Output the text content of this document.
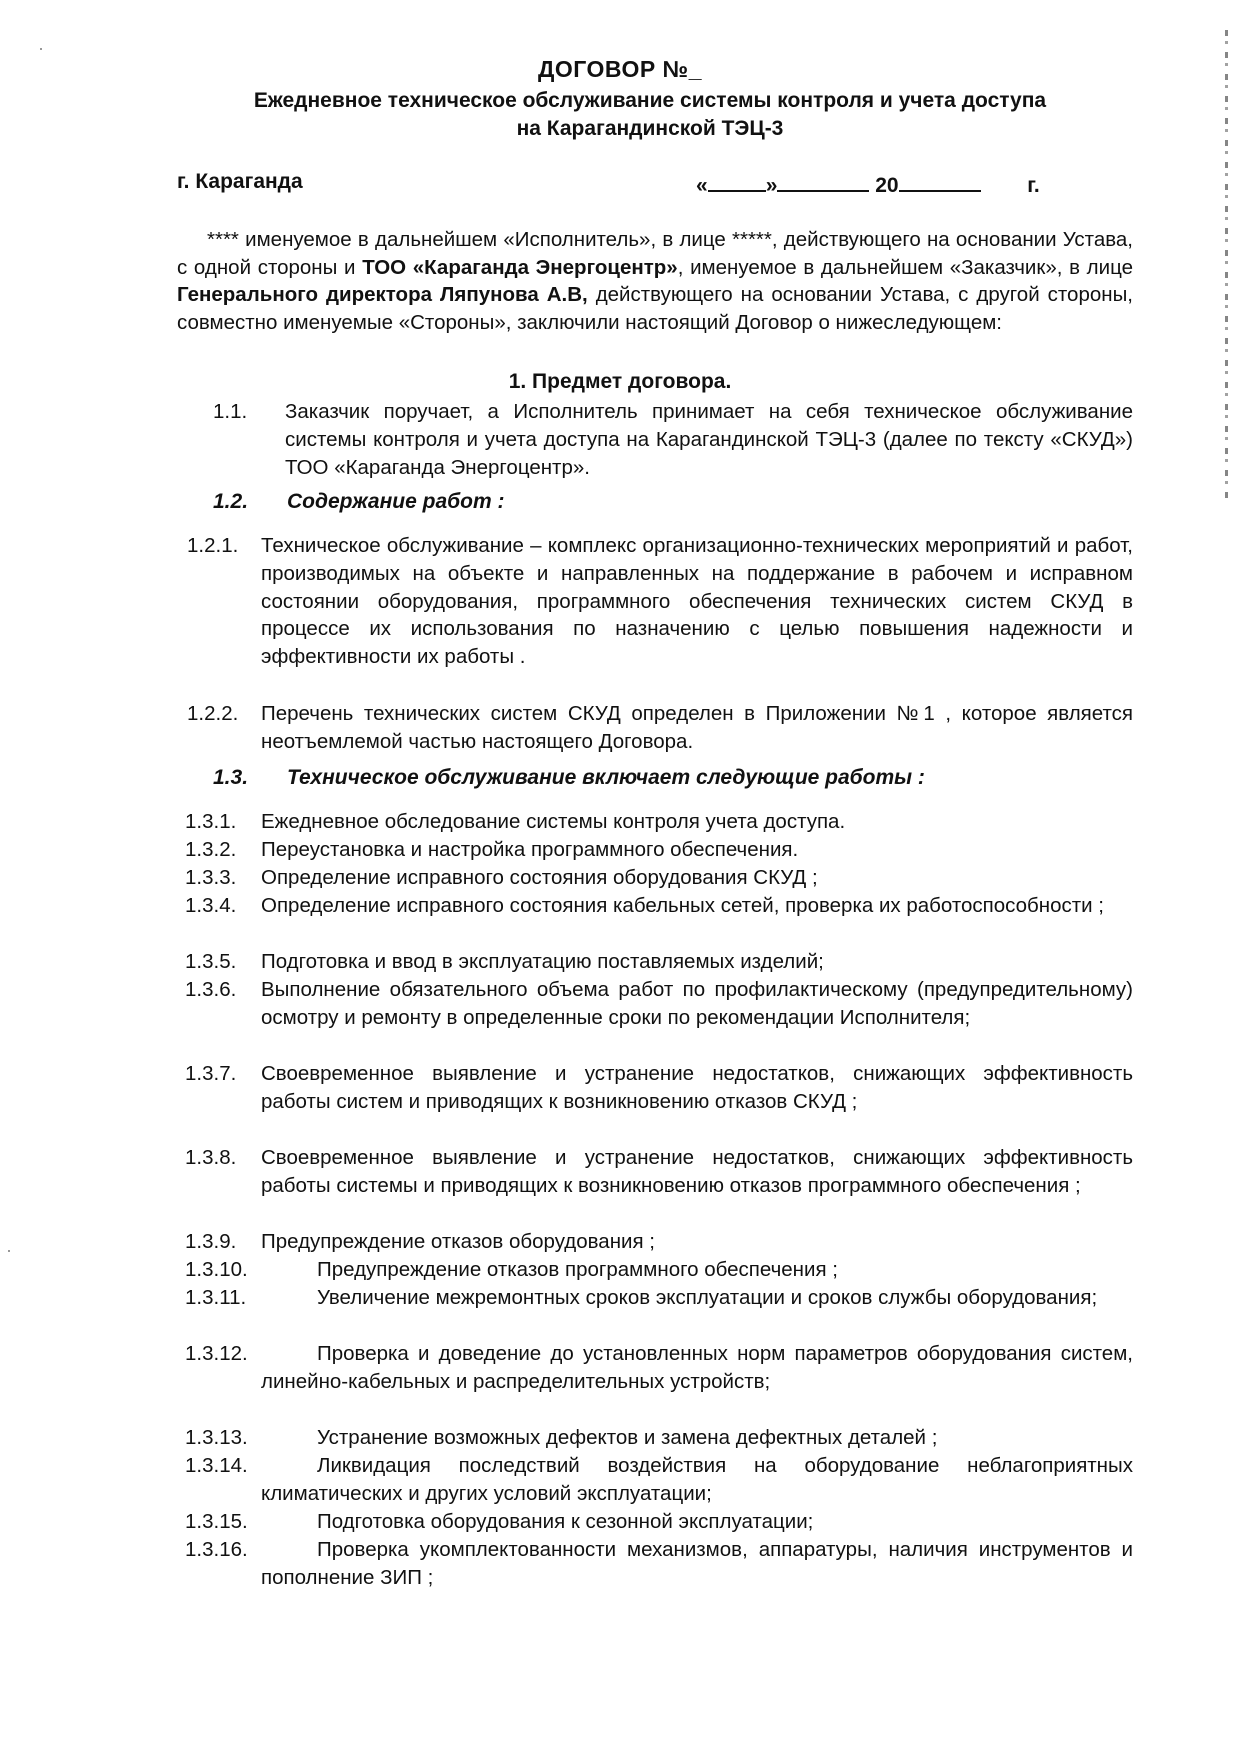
ДОГОВОР №_
Ежедневное техническое обслуживание системы контроля и учета доступа
на Карагандинской ТЭЦ-3
г. Караганда	«	»	20	г.
**** именуемое в дальнейшем «Исполнитель», в лице *****, действующего на основании Устава, с одной стороны и ТОО «Караганда Энергоцентр», именуемое в дальнейшем «Заказчик», в лице Генерального директора Ляпунова А.В, действующего на основании Устава, с другой стороны, совместно именуемые «Стороны», заключили настоящий Договор о нижеследующем:
1. Предмет договора.
1.1. Заказчик поручает, а Исполнитель принимает на себя техническое обслуживание системы контроля и учета доступа на Карагандинской ТЭЦ-3 (далее по тексту «СКУД») ТОО «Караганда Энергоцентр».
1.2. Содержание работ :
1.2.1. Техническое обслуживание – комплекс организационно-технических мероприятий и работ, производимых на объекте и направленных на поддержание в рабочем и исправном состоянии оборудования, программного обеспечения технических систем СКУД в процессе их использования по назначению с целью повышения надежности и эффективности их работы .
1.2.2. Перечень технических систем СКУД определен в Приложении №1 , которое является неотъемлемой частью настоящего Договора.
1.3. Техническое обслуживание включает следующие работы :
1.3.1. Ежедневное обследование системы контроля учета доступа.
1.3.2. Переустановка и настройка программного обеспечения.
1.3.3. Определение исправного состояния оборудования СКУД ;
1.3.4. Определение исправного состояния кабельных сетей, проверка их работоспособности ;
1.3.5. Подготовка и ввод в эксплуатацию поставляемых изделий;
1.3.6. Выполнение обязательного объема работ по профилактическому (предупредительному) осмотру и ремонту в определенные сроки по рекомендации Исполнителя;
1.3.7. Своевременное выявление и устранение недостатков, снижающих эффективность работы систем и приводящих к возникновению отказов СКУД ;
1.3.8. Своевременное выявление и устранение недостатков, снижающих эффективность работы системы и приводящих к возникновению отказов программного обеспечения ;
1.3.9. Предупреждение отказов оборудования ;
1.3.10.	Предупреждение отказов программного обеспечения ;
1.3.11.	Увеличение межремонтных сроков эксплуатации и сроков службы оборудования;
1.3.12.	Проверка и доведение до установленных норм параметров оборудования систем, линейно-кабельных и распределительных устройств;
1.3.13.	Устранение возможных дефектов и замена дефектных деталей ;
1.3.14.	Ликвидация последствий воздействия на оборудование неблагоприятных климатических и других условий эксплуатации;
1.3.15.	Подготовка оборудования к сезонной эксплуатации;
1.3.16.	Проверка укомплектованности механизмов, аппаратуры, наличия инструментов и пополнение ЗИП ;
